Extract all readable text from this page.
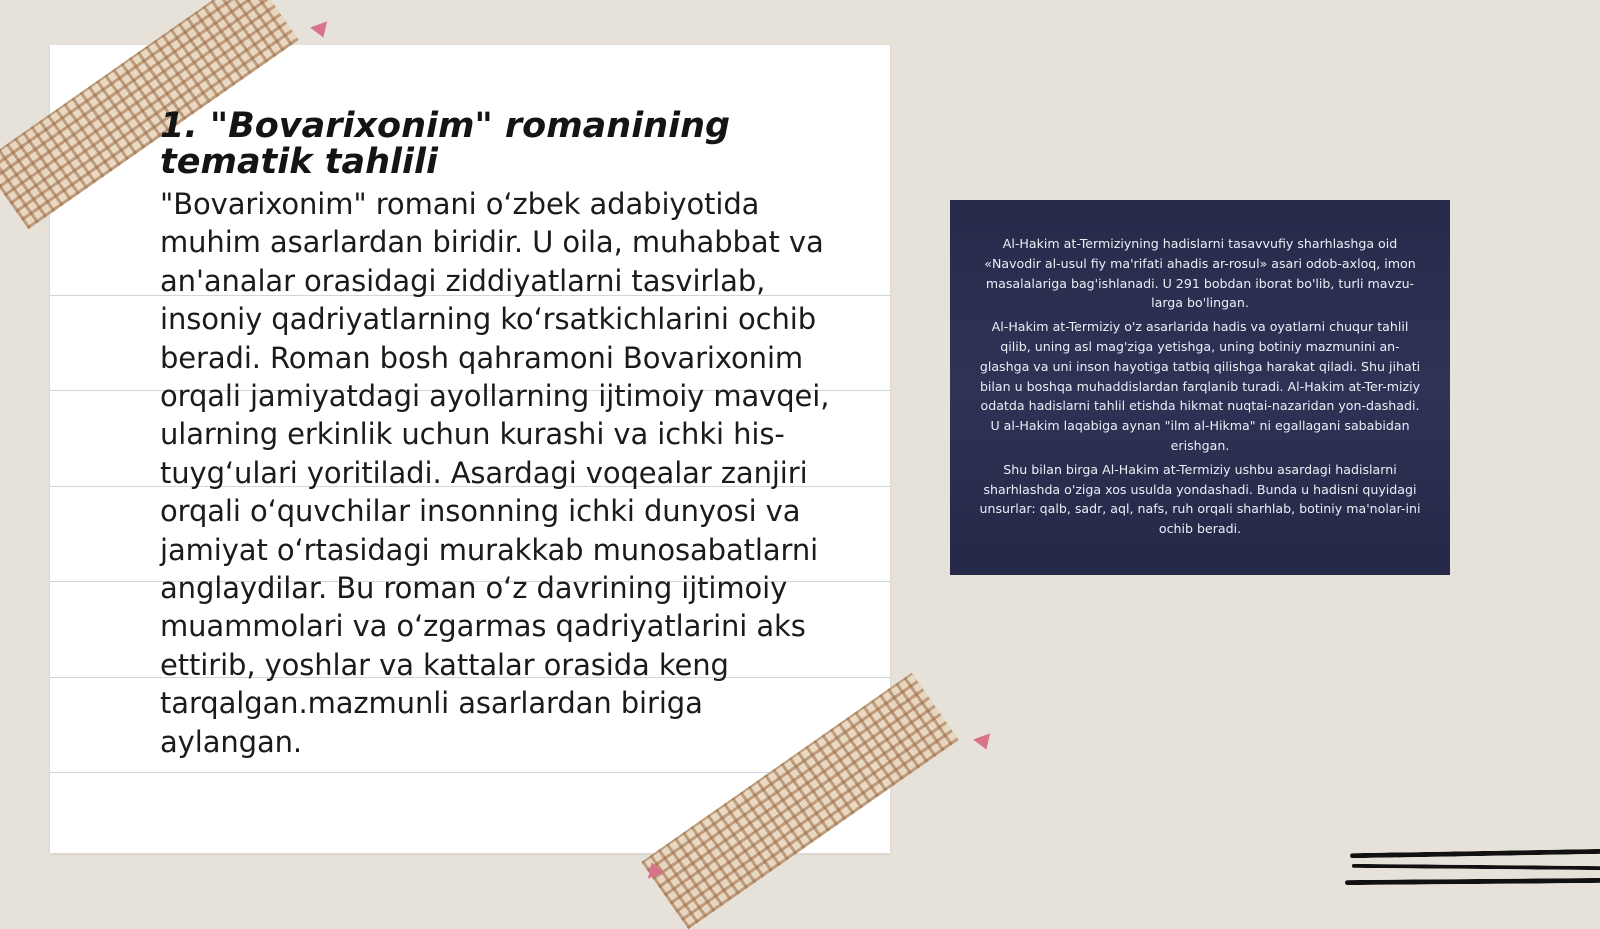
1. "Bovarixonim" romanining tematik tahlili

"Bovarixonim" romani oʻzbek adabiyotida muhim asarlardan biridir. U oila, muhabbat va an'analar orasidagi ziddiyatlarni tasvirlab, insoniy qadriyatlarning koʻrsatkichlarini ochib beradi. Roman bosh qahramoni Bovarixonim orqali jamiyatdagi ayollarning ijtimoiy mavqei, ularning erkinlik uchun kurashi va ichki his-tuygʻulari yoritiladi. Asardagi voqealar zanjiri orqali oʻquvchilar insonning ichki dunyosi va jamiyat oʻrtasidagi murakkab munosabatlarni anglaydilar. Bu roman oʻz davrining ijtimoiy muammolari va oʻzgarmas qadriyatlarini aks ettirib, yoshlar va kattalar orasida keng tarqalgan.mazmunli asarlardan biriga aylangan.

Al-Hakim at-Termiziyning hadislarni tasavvufiy sharhlashga oid «Navodir al-usul fiy ma'rifati ahadis ar-rosul» asari odob-axloq, imon masalalariga bag'ishlanadi. U 291 bobdan iborat bo'lib, turli mavzu-larga bo'lingan.

Al-Hakim at-Termiziy o'z asarlarida hadis va oyatlarni chuqur tahlil qilib, uning asl mag'ziga yetishga, uning botiniy mazmunini an-glashga va uni inson hayotiga tatbiq qilishga harakat qiladi. Shu jihati bilan u boshqa muhaddislardan farqlanib turadi. Al-Hakim at-Ter-miziy odatda hadislarni tahlil etishda hikmat nuqtai-nazaridan yon-dashadi. U al-Hakim laqabiga aynan "ilm al-Hikma" ni egallagani sababidan erishgan.

Shu bilan birga Al-Hakim at-Termiziy ushbu asardagi hadislarni sharhlashda o'ziga xos usulda yondashadi. Bunda u hadisni quyidagi unsurlar: qalb, sadr, aql, nafs, ruh orqali sharhlab, botiniy ma'nolar-ini ochib beradi.
